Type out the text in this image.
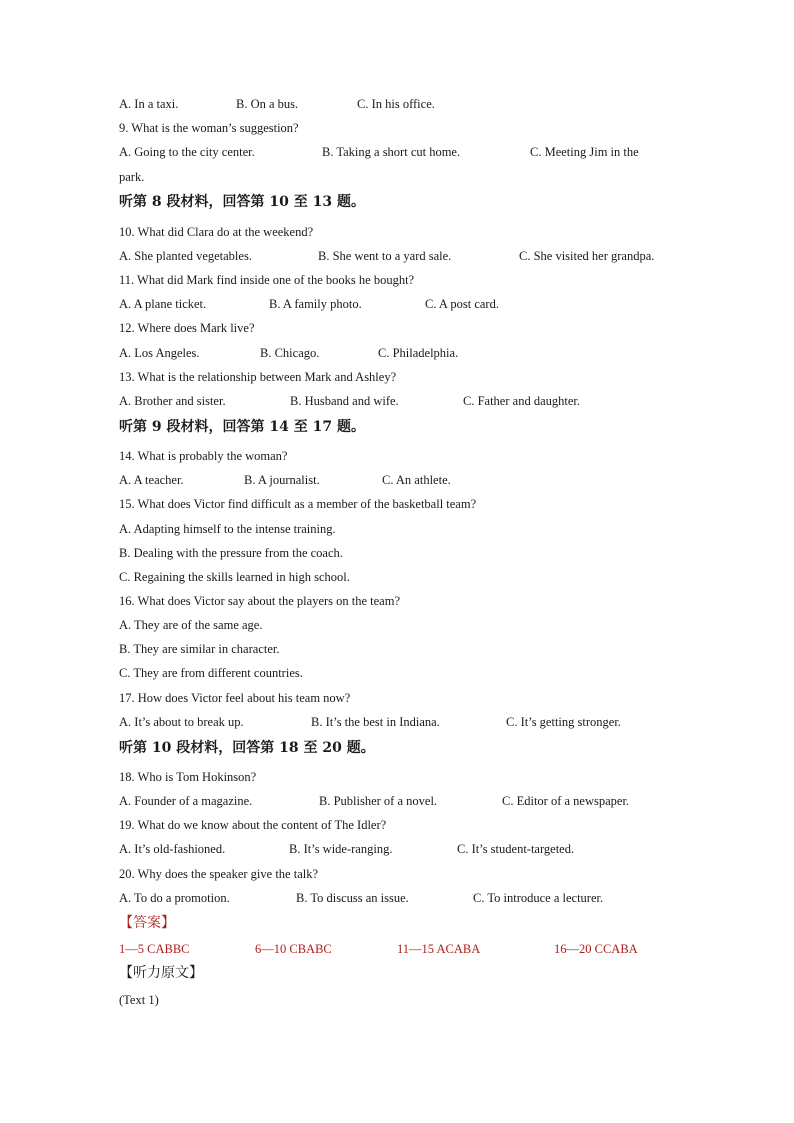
A. In a taxi.	B. On a bus.	C. In his office.
9. What is the woman’s suggestion?
A. Going to the city center.	B. Taking a short cut home.	C. Meeting Jim in the
park.
听第 8 段材料，回答第 10 至 13 题。
10. What did Clara do at the weekend?
A. She planted vegetables.	B. She went to a yard sale.	C. She visited her grandpa.
11. What did Mark find inside one of the books he bought?
A. A plane ticket.	B. A family photo.	C. A post card.
12. Where does Mark live?
A. Los Angeles.	B. Chicago.	C. Philadelphia.
13. What is the relationship between Mark and Ashley?
A. Brother and sister.	B. Husband and wife.	C. Father and daughter.
听第 9 段材料，回答第 14 至 17 题。
14. What is probably the woman?
A. A teacher.	B. A journalist.	C. An athlete.
15. What does Victor find difficult as a member of the basketball team?
A. Adapting himself to the intense training.
B. Dealing with the pressure from the coach.
C. Regaining the skills learned in high school.
16. What does Victor say about the players on the team?
A. They are of the same age.
B. They are similar in character.
C. They are from different countries.
17. How does Victor feel about his team now?
A. It’s about to break up.	B. It’s the best in Indiana.	C. It’s getting stronger.
听第 10 段材料，回答第 18 至 20 题。
18. Who is Tom Hokinson?
A. Founder of a magazine.	B. Publisher of a novel.	C. Editor of a newspaper.
19. What do we know about the content of The Idler?
A. It’s old-fashioned.	B. It’s wide-ranging.	C. It’s student-targeted.
20. Why does the speaker give the talk?
A. To do a promotion.	B. To discuss an issue.	C. To introduce a lecturer.
【答案】
1—5 CABBC	6—10 CBABC	11—15 ACABA	16—20 CCABA
【听力原文】
(Text 1)
